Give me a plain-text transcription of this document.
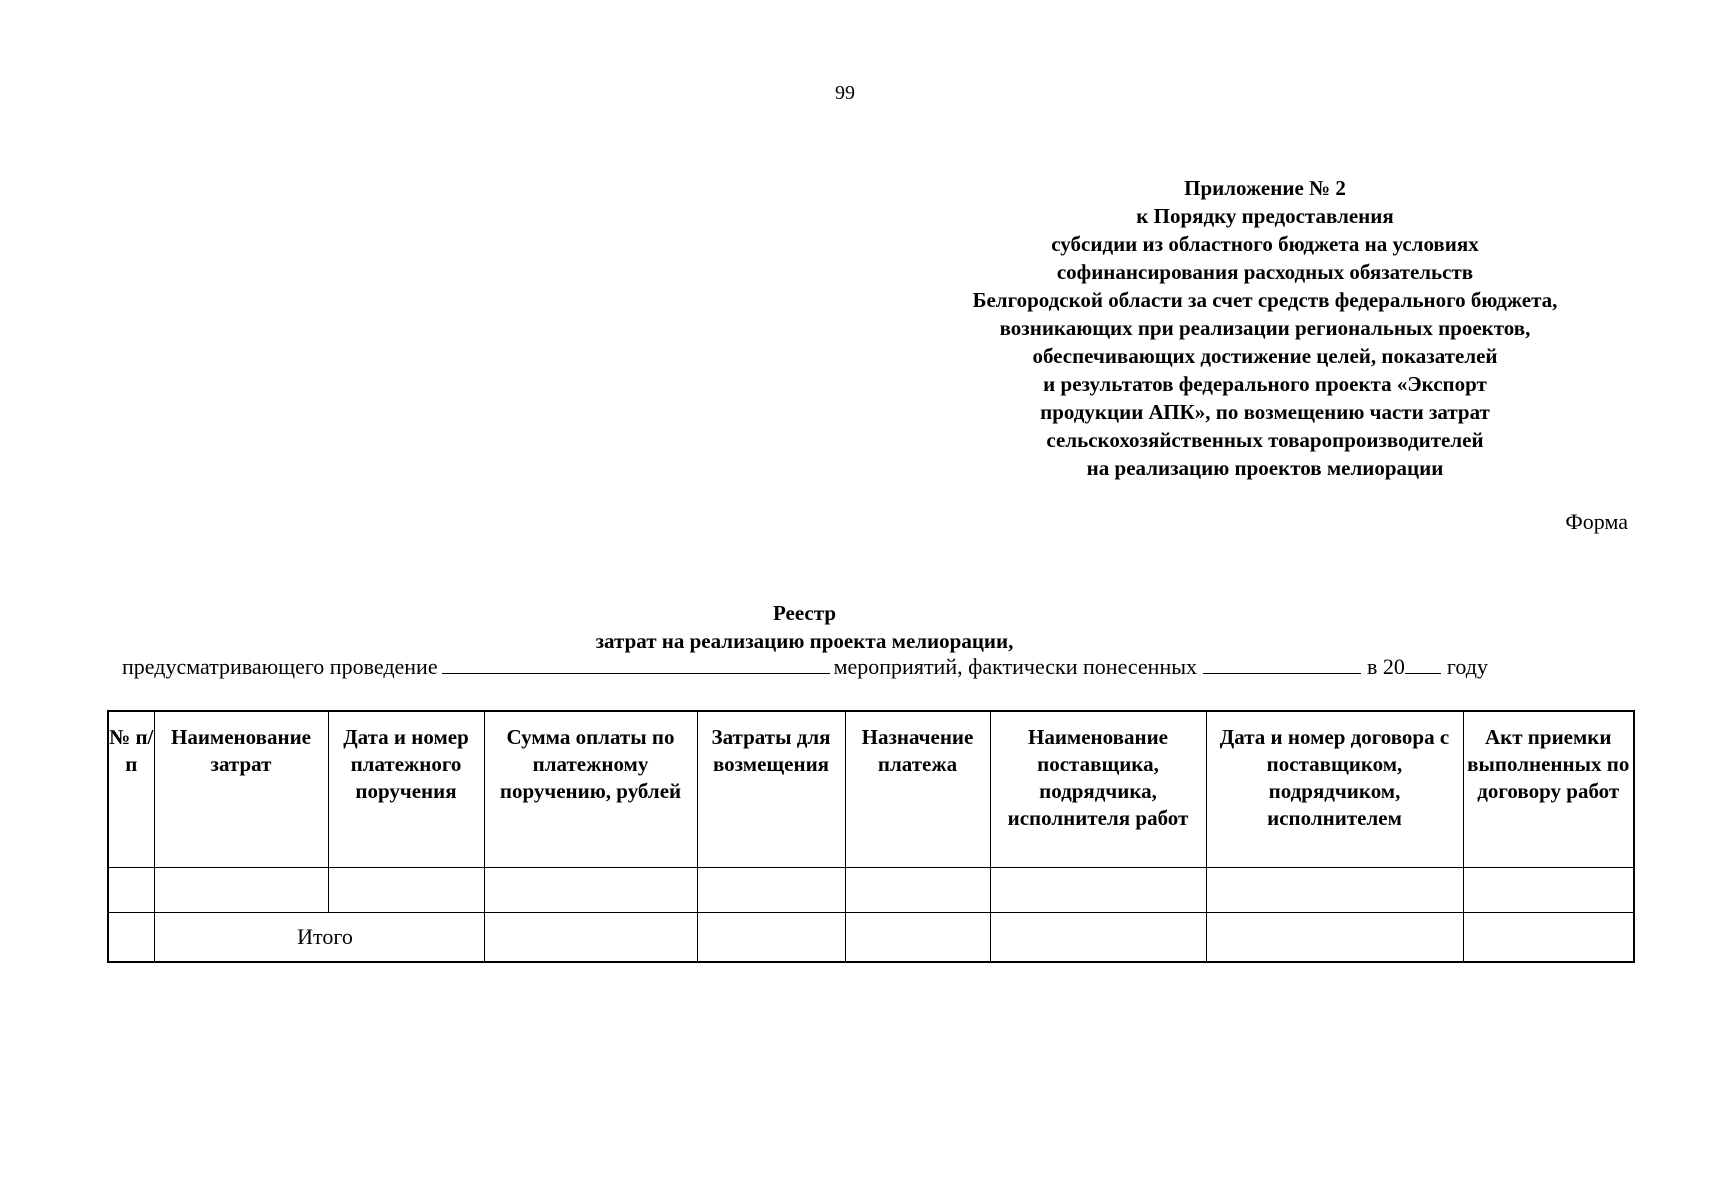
99
Приложение № 2
к Порядку предоставления
субсидии из областного бюджета на условиях
софинансирования расходных обязательств
Белгородской области за счет средств федерального бюджета,
возникающих при реализации региональных проектов,
обеспечивающих достижение целей, показателей
и результатов федерального проекта «Экспорт
продукции АПК», по возмещению части затрат
сельскохозяйственных товаропроизводителей
на реализацию проектов мелиорации
Форма
Реестр
затрат на реализацию проекта мелиорации,
предусматривающего проведение	мероприятий, фактически понесенных	в 20 году
№ п/п	Наименование затрат	Дата и номер платежного поручения	Сумма оплаты по платежному поручению, рублей	Затраты для возмещения	Назначение платежа	Наименование поставщика, подрядчика, исполнителя работ	Дата и номер договора с поставщиком, подрядчиком, исполнителем	Акт приемки выполненных по договору работ

	Итого							
